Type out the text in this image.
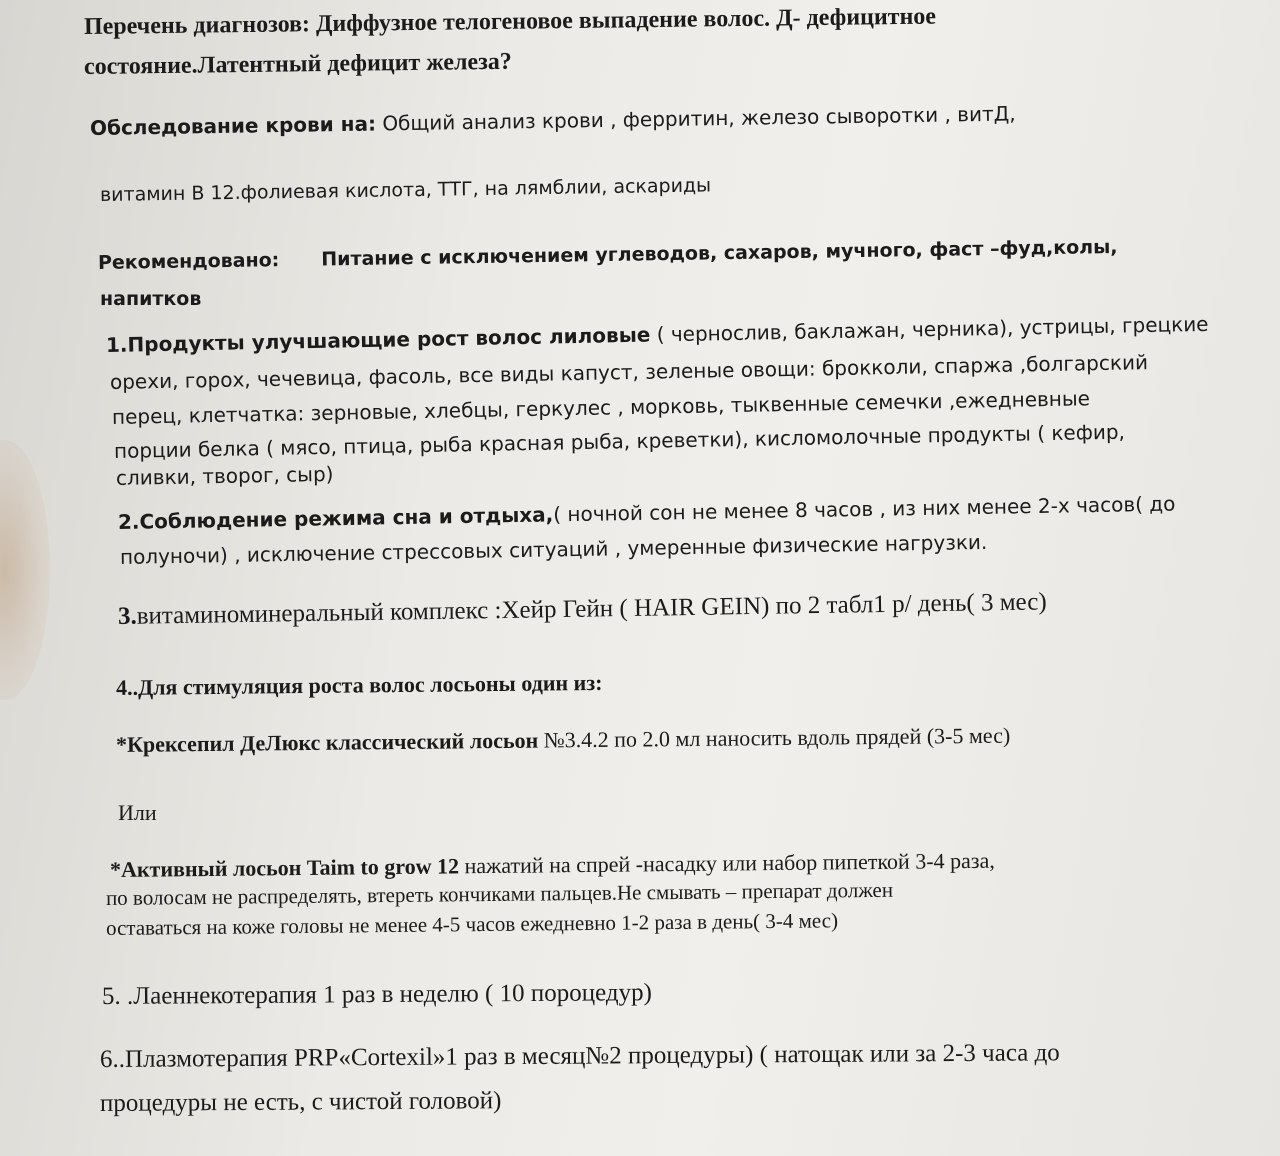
Перечень диагнозов: Диффузное телогеновое выпадение волос. Д- дефицитное
состояние.Латентный дефицит железа?
Обследование крови на: Общий анализ крови , ферритин, железо сыворотки , витД,
витамин В 12.фолиевая кислота, ТТГ, на лямблии, аскариды
Рекомендовано: Питание с исключением углеводов, сахаров, мучного, фаст –фуд,колы,
напитков
1.Продукты улучшающие рост волос лиловые ( чернослив, баклажан, черника), устрицы, грецкие
орехи, горох, чечевица, фасоль, все виды капуст, зеленые овощи: брокколи, спаржа ,болгарский
перец, клетчатка: зерновые, хлебцы, геркулес , морковь, тыквенные семечки ,ежедневные
порции белка ( мясо, птица, рыба красная рыба, креветки), кисломолочные продукты ( кефир,
сливки, творог, сыр)
2.Соблюдение режима сна и отдыха,( ночной сон не менее 8 часов , из них менее 2-х часов( до
полуночи) , исключение стрессовых ситуаций , умеренные физические нагрузки.
3.витаминоминеральный комплекс :Хейр Гейн ( HAIR GEIN) по 2 табл1 р/ день( 3 мес)
4..Для стимуляция роста волос лосьоны один из:
*Крексепил ДеЛюкс классический лосьон №3.4.2 по 2.0 мл наносить вдоль прядей (3-5 мес)
Или
*Активный лосьон Taim to grow 12 нажатий на спрей -насадку или набор пипеткой 3-4 раза,
по волосам не распределять, втереть кончиками пальцев.Не смывать – препарат должен
оставаться на коже головы не менее 4-5 часов ежедневно 1-2 раза в день( 3-4 мес)
5. .Лаеннекотерапия 1 раз в неделю ( 10 пороцедур)
6..Плазмотерапия PRP«Cortexil»1 раз в месяц№2 процедуры) ( натощак или за 2-3 часа до
процедуры не есть, с чистой головой)
